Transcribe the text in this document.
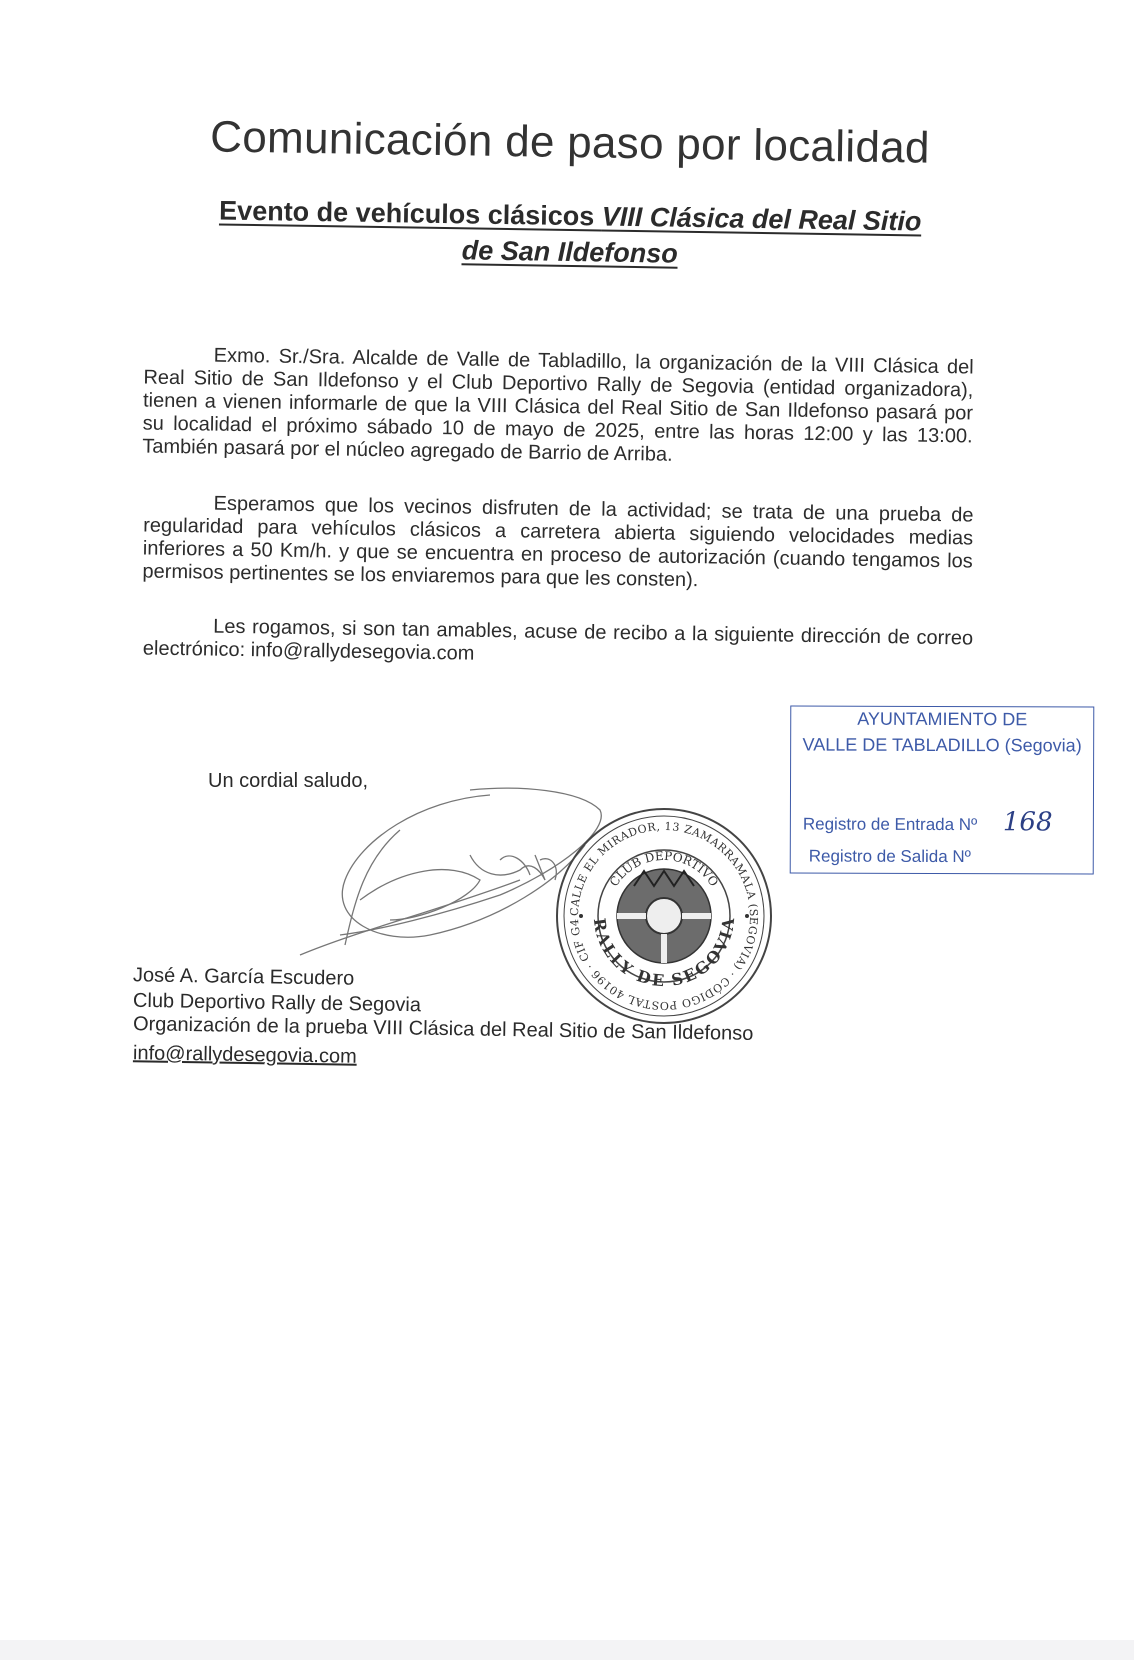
Comunicación de paso por localidad
Evento de vehículos clásicos VIII Clásica del Real Sitio
de San Ildefonso
Exmo. Sr./Sra. Alcalde de Valle de Tabladillo, la organización de la VIII Clásica del Real Sitio de San Ildefonso y el Club Deportivo Rally de Segovia (entidad organizadora), tienen a vienen informarle de que la VIII Clásica del Real Sitio de San Ildefonso pasará por su localidad el próximo sábado 10 de mayo de 2025, entre las horas 12:00 y las 13:00. También pasará por el núcleo agregado de Barrio de Arriba.
Esperamos que los vecinos disfruten de la actividad; se trata de una prueba de regularidad para vehículos clásicos a carretera abierta siguiendo velocidades medias inferiores a 50 Km/h. y que se encuentra en proceso de autorización (cuando tengamos los permisos pertinentes se los enviaremos para que les consten).
Les rogamos, si son tan amables, acuse de recibo a la siguiente dirección de correo electrónico: info@rallydesegovia.com
Un cordial saludo,
CALLE EL MIRADOR, 13 ZAMARRAMALA (SEGOVIA) · CÓDIGO POSTAL 40196 · CIF G4
CLUB DEPORTIVO
RALLY DE SEGOVIA
José A. García Escudero
Club Deportivo Rally de Segovia
Organización de la prueba VIII Clásica del Real Sitio de San Ildefonso
info@rallydesegovia.com
AYUNTAMIENTO DE
VALLE DE TABLADILLO (Segovia)
Registro de Entrada Nº 168
Registro de Salida Nº
